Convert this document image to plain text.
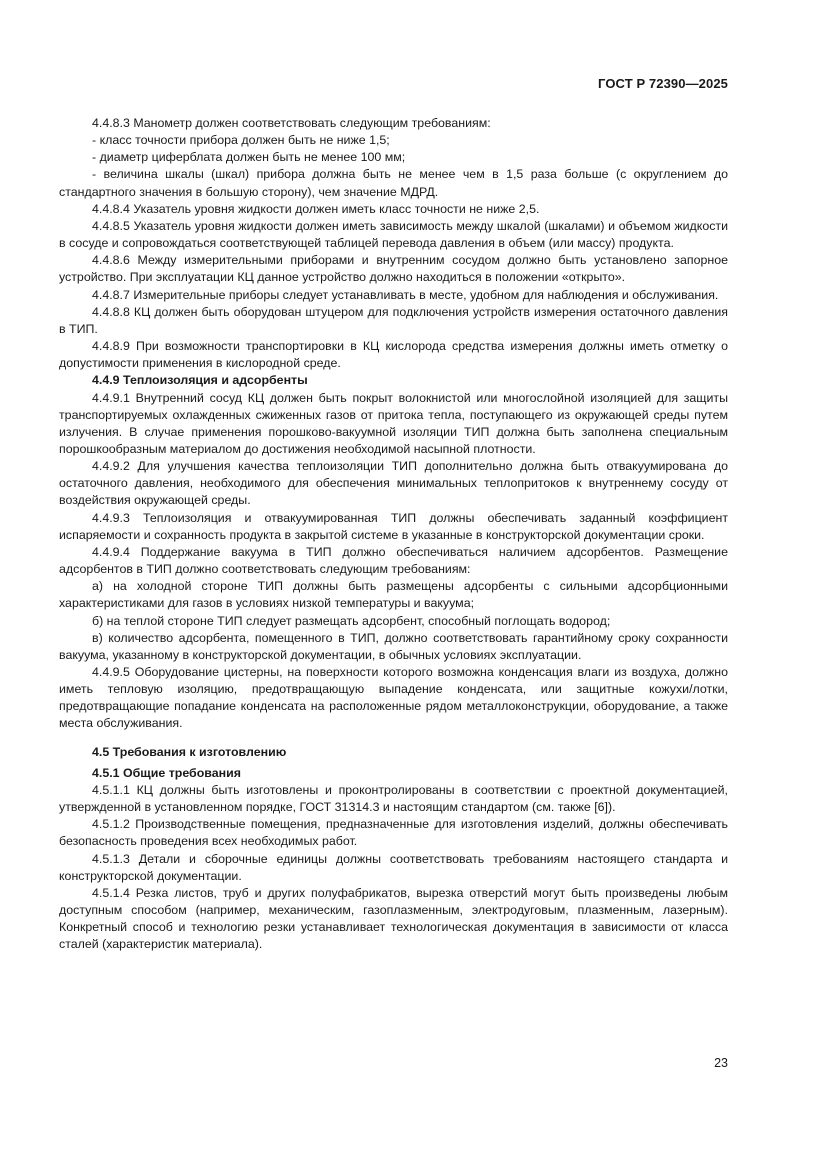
ГОСТ Р 72390—2025

4.4.8.3 Манометр должен соответствовать следующим требованиям:

- класс точности прибора должен быть не ниже 1,5;

- диаметр циферблата должен быть не менее 100 мм;

- величина шкалы (шкал) прибора должна быть не менее чем в 1,5 раза больше (с округлением до стандартного значения в большую сторону), чем значение МДРД.

4.4.8.4 Указатель уровня жидкости должен иметь класс точности не ниже 2,5.

4.4.8.5 Указатель уровня жидкости должен иметь зависимость между шкалой (шкалами) и объемом жидкости в сосуде и сопровождаться соответствующей таблицей перевода давления в объем (или массу) продукта.

4.4.8.6 Между измерительными приборами и внутренним сосудом должно быть установлено запорное устройство. При эксплуатации КЦ данное устройство должно находиться в положении «открыто».

4.4.8.7 Измерительные приборы следует устанавливать в месте, удобном для наблюдения и обслуживания.

4.4.8.8 КЦ должен быть оборудован штуцером для подключения устройств измерения остаточного давления в ТИП.

4.4.8.9 При возможности транспортировки в КЦ кислорода средства измерения должны иметь отметку о допустимости применения в кислородной среде.

4.4.9 Теплоизоляция и адсорбенты

4.4.9.1 Внутренний сосуд КЦ должен быть покрыт волокнистой или многослойной изоляцией для защиты транспортируемых охлажденных сжиженных газов от притока тепла, поступающего из окружающей среды путем излучения. В случае применения порошково-вакуумной изоляции ТИП должна быть заполнена специальным порошкообразным материалом до достижения необходимой насыпной плотности.

4.4.9.2 Для улучшения качества теплоизоляции ТИП дополнительно должна быть отвакуумирована до остаточного давления, необходимого для обеспечения минимальных теплопритоков к внутреннему сосуду от воздействия окружающей среды.

4.4.9.3 Теплоизоляция и отвакуумированная ТИП должны обеспечивать заданный коэффициент испаряемости и сохранность продукта в закрытой системе в указанные в конструкторской документации сроки.

4.4.9.4 Поддержание вакуума в ТИП должно обеспечиваться наличием адсорбентов. Размещение адсорбентов в ТИП должно соответствовать следующим требованиям:

а) на холодной стороне ТИП должны быть размещены адсорбенты с сильными адсорбционными характеристиками для газов в условиях низкой температуры и вакуума;

б) на теплой стороне ТИП следует размещать адсорбент, способный поглощать водород;

в) количество адсорбента, помещенного в ТИП, должно соответствовать гарантийному сроку сохранности вакуума, указанному в конструкторской документации, в обычных условиях эксплуатации.

4.4.9.5 Оборудование цистерны, на поверхности которого возможна конденсация влаги из воздуха, должно иметь тепловую изоляцию, предотвращающую выпадение конденсата, или защитные кожухи/лотки, предотвращающие попадание конденсата на расположенные рядом металлоконструкции, оборудование, а также места обслуживания.

4.5 Требования к изготовлению

4.5.1 Общие требования

4.5.1.1 КЦ должны быть изготовлены и проконтролированы в соответствии с проектной документацией, утвержденной в установленном порядке, ГОСТ 31314.3 и настоящим стандартом (см. также [6]).

4.5.1.2 Производственные помещения, предназначенные для изготовления изделий, должны обеспечивать безопасность проведения всех необходимых работ.

4.5.1.3 Детали и сборочные единицы должны соответствовать требованиям настоящего стандарта и конструкторской документации.

4.5.1.4 Резка листов, труб и других полуфабрикатов, вырезка отверстий могут быть произведены любым доступным способом (например, механическим, газоплазменным, электродуговым, плазменным, лазерным). Конкретный способ и технологию резки устанавливает технологическая документация в зависимости от класса сталей (характеристик материала).

23
